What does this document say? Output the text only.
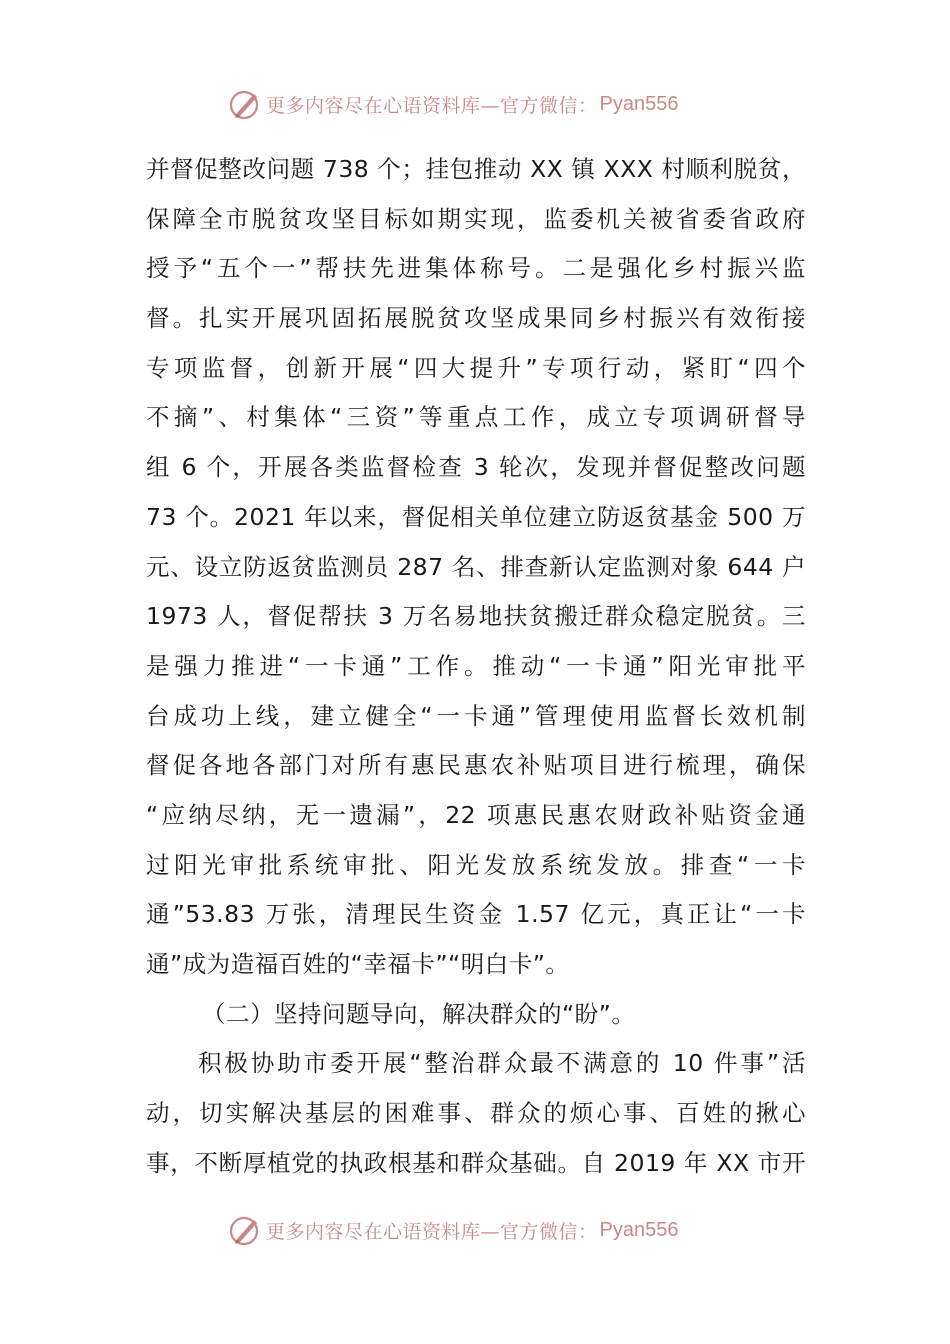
更多内容尽在心语资料库—官方微信： Pyan556
并督促整改问题 738 个；挂包推动 XX 镇 XXX 村顺利脱贫，
保障全市脱贫攻坚目标如期实现，监委机关被省委省政府
授予“五个一”帮扶先进集体称号。二是强化乡村振兴监
督。扎实开展巩固拓展脱贫攻坚成果同乡村振兴有效衔接
专项监督，创新开展“四大提升”专项行动，紧盯“四个
不摘”、村集体“三资”等重点工作，成立专项调研督导
组 6 个，开展各类监督检查 3 轮次，发现并督促整改问题
73 个。2021 年以来，督促相关单位建立防返贫基金 500 万
元、设立防返贫监测员 287 名、排查新认定监测对象 644 户
1973 人，督促帮扶 3 万名易地扶贫搬迁群众稳定脱贫。三
是强力推进“一卡通”工作。推动“一卡通”阳光审批平
台成功上线，建立健全“一卡通”管理使用监督长效机制
督促各地各部门对所有惠民惠农补贴项目进行梳理，确保
“应纳尽纳，无一遗漏”，22 项惠民惠农财政补贴资金通
过阳光审批系统审批、阳光发放系统发放。排查“一卡
通”53.83 万张，清理民生资金 1.57 亿元，真正让“一卡
通”成为造福百姓的“幸福卡”“明白卡”。
（二）坚持问题导向，解决群众的“盼”。
积极协助市委开展“整治群众最不满意的 10 件事”活
动，切实解决基层的困难事、群众的烦心事、百姓的揪心
事，不断厚植党的执政根基和群众基础。自 2019 年 XX 市开
更多内容尽在心语资料库—官方微信： Pyan556
